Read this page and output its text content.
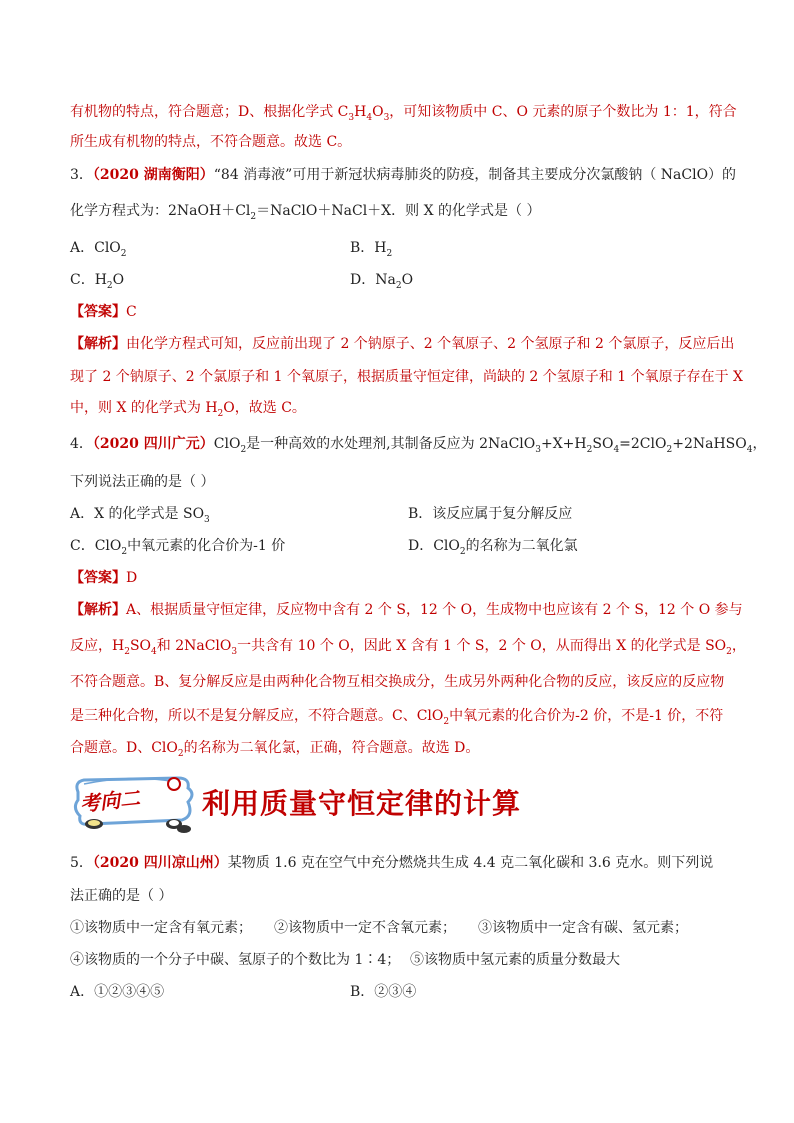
有机物的特点，符合题意；D、根据化学式 $C_3H_4O_3$，可知该物质中 C、O 元素的原子个数比为 1：1，符合
所生成有机物的特点，不符合题意。故选 C。
3．（2020 湖南衡阳）“84 消毒液”可用于新冠状病毒肺炎的防疫，制备其主要成分次氯酸钠（ NaClO）的
化学方程式为：$2NaOH+Cl_2=NaClO+NaCl+X$．则 X 的化学式是（ ）
A．ClO$_2$	B．$H_2$
C．$H_2O$	D．$Na_2O$
【答案】C
【解析】由化学方程式可知，反应前出现了 2 个钠原子、2 个氧原子、2 个氢原子和 2 个氯原子，反应后出
现了 2 个钠原子、2 个氯原子和 1 个氧原子，根据质量守恒定律，尚缺的 2 个氢原子和 1 个氧原子存在于 X
中，则 X 的化学式为 $H_2O$，故选 C。
4．（2020 四川广元）ClO$_2$是一种高效的水处理剂,其制备反应为 $2NaClO_3+X+H_2SO_4=2ClO_2+2NaHSO_4$，
下列说法正确的是（ ）
A．X 的化学式是 $SO_3$	B．该反应属于复分解反应
C．ClO$_2$中氧元素的化合价为-1 价	D．ClO$_2$的名称为二氧化氯
【答案】D
【解析】A、根据质量守恒定律，反应物中含有 2 个 S，12 个 O，生成物中也应该有 2 个 S，12 个 O 参与
反应，$H_2SO_4$和 2NaClO$_3$一共含有 10 个 O，因此 X 含有 1 个 S，2 个 O，从而得出 X 的化学式是 $SO_2$，
不符合题意。B、复分解反应是由两种化合物互相交换成分，生成另外两种化合物的反应，该反应的反应物
是三种化合物，所以不是复分解反应，不符合题意。C、ClO$_2$中氧元素的化合价为-2 价，不是-1 价，不符
合题意。D、ClO$_2$的名称为二氧化氯，正确，符合题意。故选 D。
考向二 利用质量守恒定律的计算
5．（2020 四川凉山州）某物质 1.6 克在空气中充分燃烧共生成 4.4 克二氧化碳和 3.6 克水。则下列说
法正确的是（ ）
①该物质中一定含有氧元素； ②该物质中一定不含氧元素； ③该物质中一定含有碳、氢元素；
④该物质的一个分子中碳、氢原子的个数比为 1∶4； ⑤该物质中氢元素的质量分数最大
A．①②③④⑤	B．②③④
